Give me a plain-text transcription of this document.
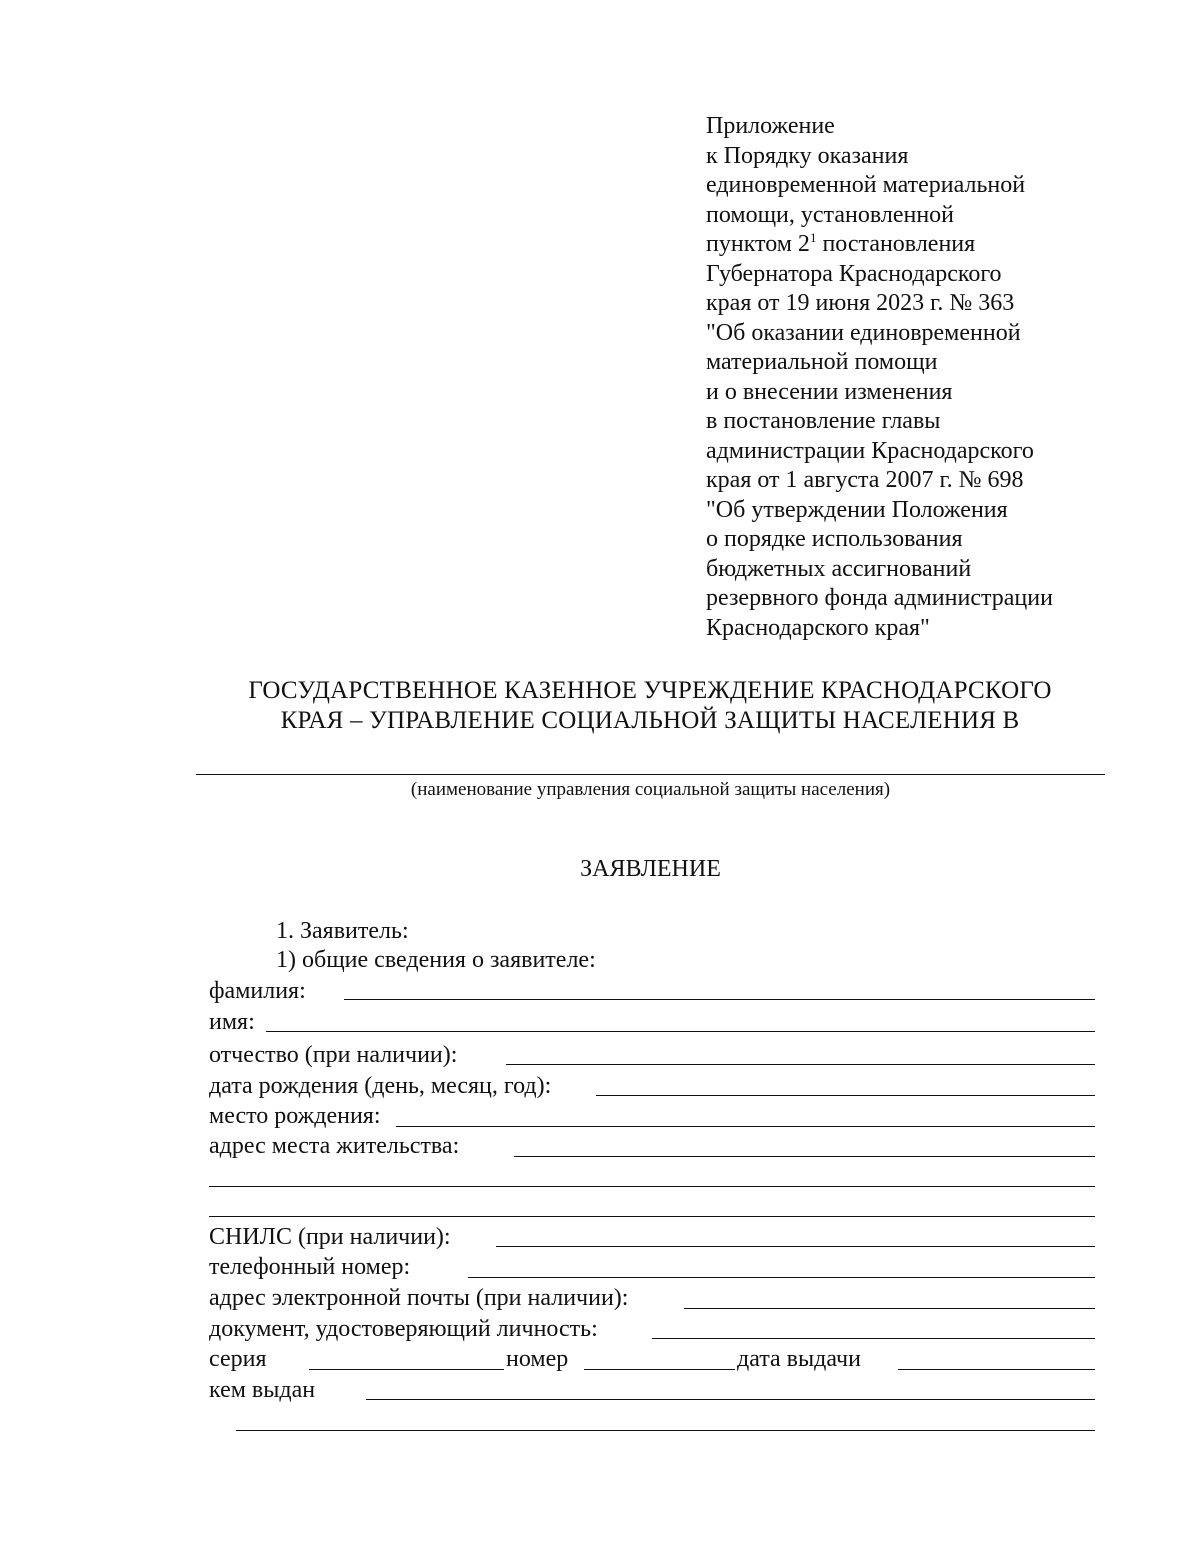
Приложение
к Порядку оказания
единовременной материальной
помощи, установленной
пунктом $2^1$ постановления
Губернатора Краснодарского
края от 19 июня 2023 г. № 363
"Об оказании единовременной
материальной помощи
и о внесении изменения
в постановление главы
администрации Краснодарского
края от 1 августа 2007 г. № 698
"Об утверждении Положения
о порядке использования
бюджетных ассигнований
резервного фонда администрации
Краснодарского края"
ГОСУДАРСТВЕННОЕ КАЗЕННОЕ УЧРЕЖДЕНИЕ КРАСНОДАРСКОГО
КРАЯ – УПРАВЛЕНИЕ СОЦИАЛЬНОЙ ЗАЩИТЫ НАСЕЛЕНИЯ В
(наименование управления социальной защиты населения)
ЗАЯВЛЕНИЕ
1. Заявитель:
1) общие сведения о заявителе:
фамилия:
имя:
отчество (при наличии):
дата рождения (день, месяц, год):
место рождения:
адрес места жительства:
СНИЛС (при наличии):
телефонный номер:
адрес электронной почты (при наличии):
документ, удостоверяющий личность:
серия	номер	дата выдачи
кем выдан
